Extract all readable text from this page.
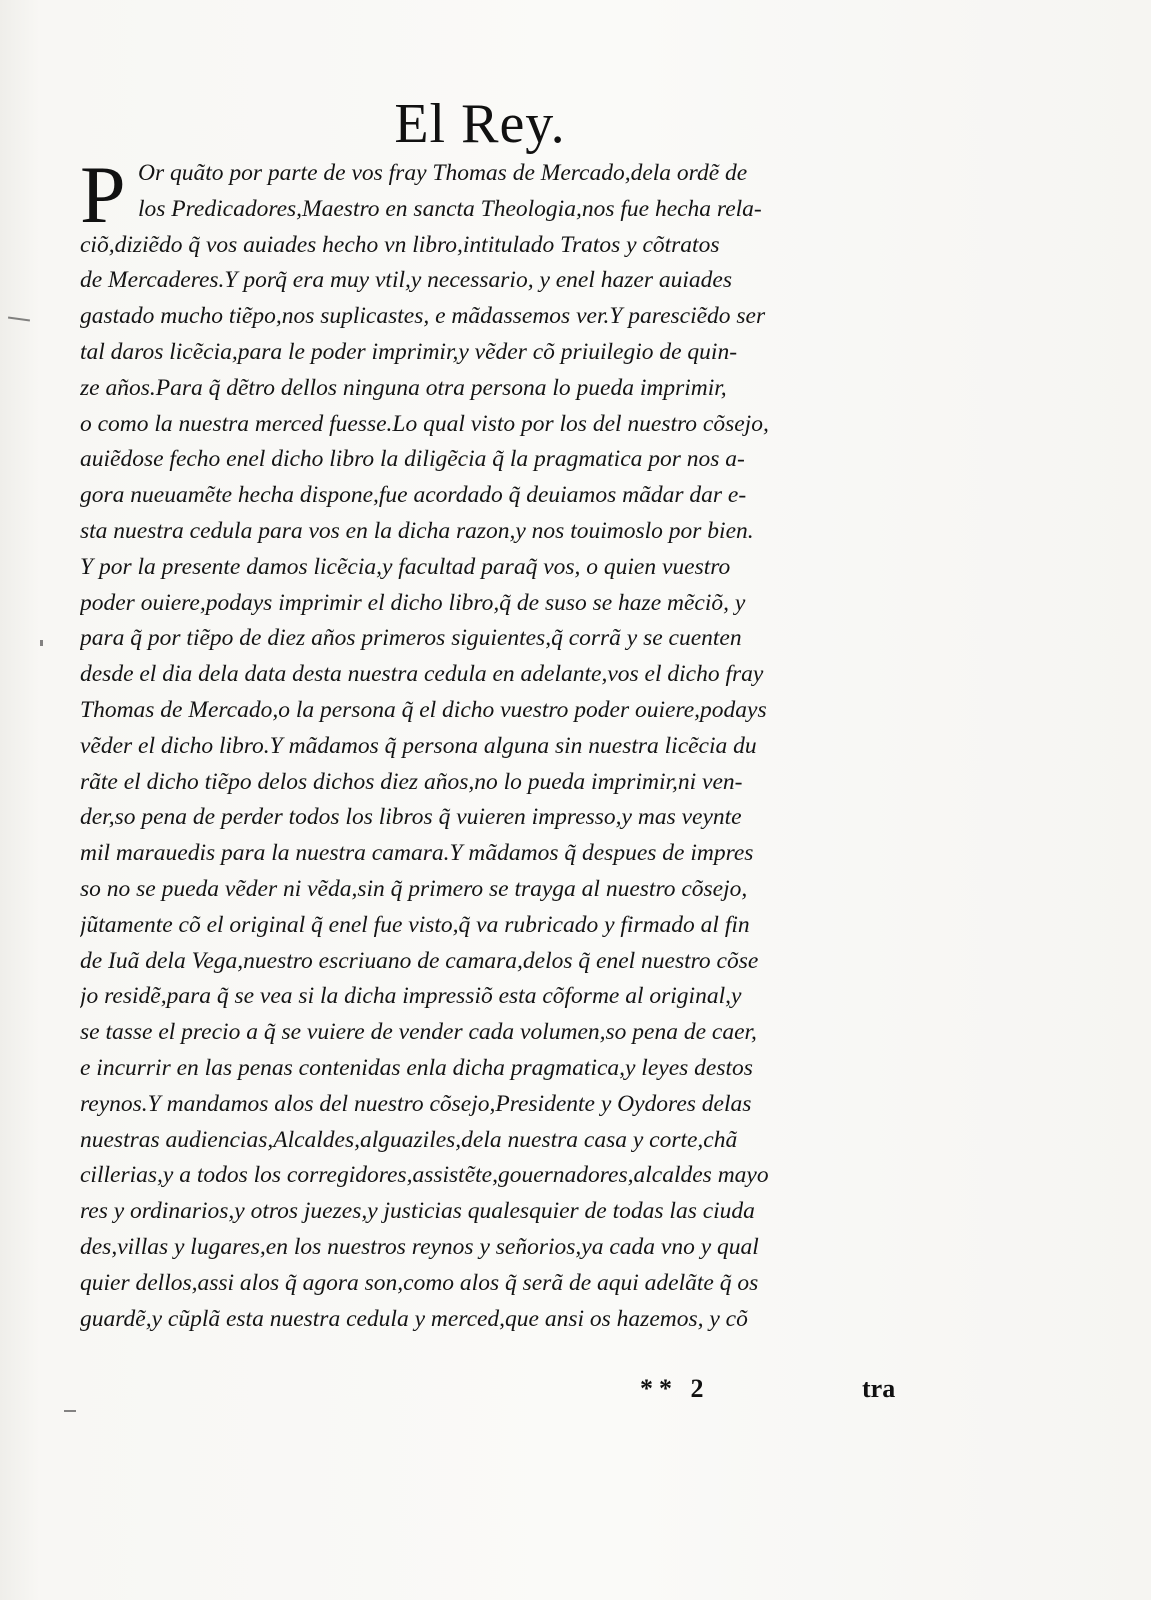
El Rey.
P Or quãto por parte de vos fray Thomas de Mercado,dela ordẽ de
los Predicadores,Maestro en sancta Theologia,nos fue hecha rela-
ciõ,diziẽdo q̃ vos auiades hecho vn libro,intitulado Tratos y cõtratos
de Mercaderes.Y porq̃ era muy vtil,y necessario, y enel hazer auiades
gastado mucho tiẽpo,nos suplicastes, e mãdassemos ver.Y paresciẽdo ser
tal daros licẽcia,para le poder imprimir,y vẽder cõ priuilegio de quin-
ze años.Para q̃ dẽtro dellos ninguna otra persona lo pueda imprimir,
o como la nuestra merced fuesse.Lo qual visto por los del nuestro cõsejo,
auiẽdose fecho enel dicho libro la diligẽcia q̃ la pragmatica por nos a-
gora nueuamẽte hecha dispone,fue acordado q̃ deuiamos mãdar dar e-
sta nuestra cedula para vos en la dicha razon,y nos touimoslo por bien.
Y por la presente damos licẽcia,y facultad paraq̃ vos, o quien vuestro
poder ouiere,podays imprimir el dicho libro,q̃ de suso se haze mẽciõ, y
para q̃ por tiẽpo de diez años primeros siguientes,q̃ corrã y se cuenten
desde el dia dela data desta nuestra cedula en adelante,vos el dicho fray
Thomas de Mercado,o la persona q̃ el dicho vuestro poder ouiere,podays
vẽder el dicho libro.Y mãdamos q̃ persona alguna sin nuestra licẽcia du
rãte el dicho tiẽpo delos dichos diez años,no lo pueda imprimir,ni ven-
der,so pena de perder todos los libros q̃ vuieren impresso,y mas veynte
mil marauedis para la nuestra camara.Y mãdamos q̃ despues de impres
so no se pueda vẽder ni vẽda,sin q̃ primero se trayga al nuestro cõsejo,
jũtamente cõ el original q̃ enel fue visto,q̃ va rubricado y firmado al fin
de Iuã dela Vega,nuestro escriuano de camara,delos q̃ enel nuestro cõse
jo residẽ,para q̃ se vea si la dicha impressiõ esta cõforme al original,y
se tasse el precio a q̃ se vuiere de vender cada volumen,so pena de caer,
e incurrir en las penas contenidas enla dicha pragmatica,y leyes destos
reynos.Y mandamos alos del nuestro cõsejo,Presidente y Oydores delas
nuestras audiencias,Alcaldes,alguaziles,dela nuestra casa y corte,chã
cillerias,y a todos los corregidores,assistẽte,gouernadores,alcaldes mayo
res y ordinarios,y otros juezes,y justicias qualesquier de todas las ciuda
des,villas y lugares,en los nuestros reynos y señorios,ya cada vno y qual
quier dellos,assi alos q̃ agora son,como alos q̃ serã de aqui adelãte q̃ os
guardẽ,y cũplã esta nuestra cedula y merced,que ansi os hazemos, y cõ
** 2	tra
